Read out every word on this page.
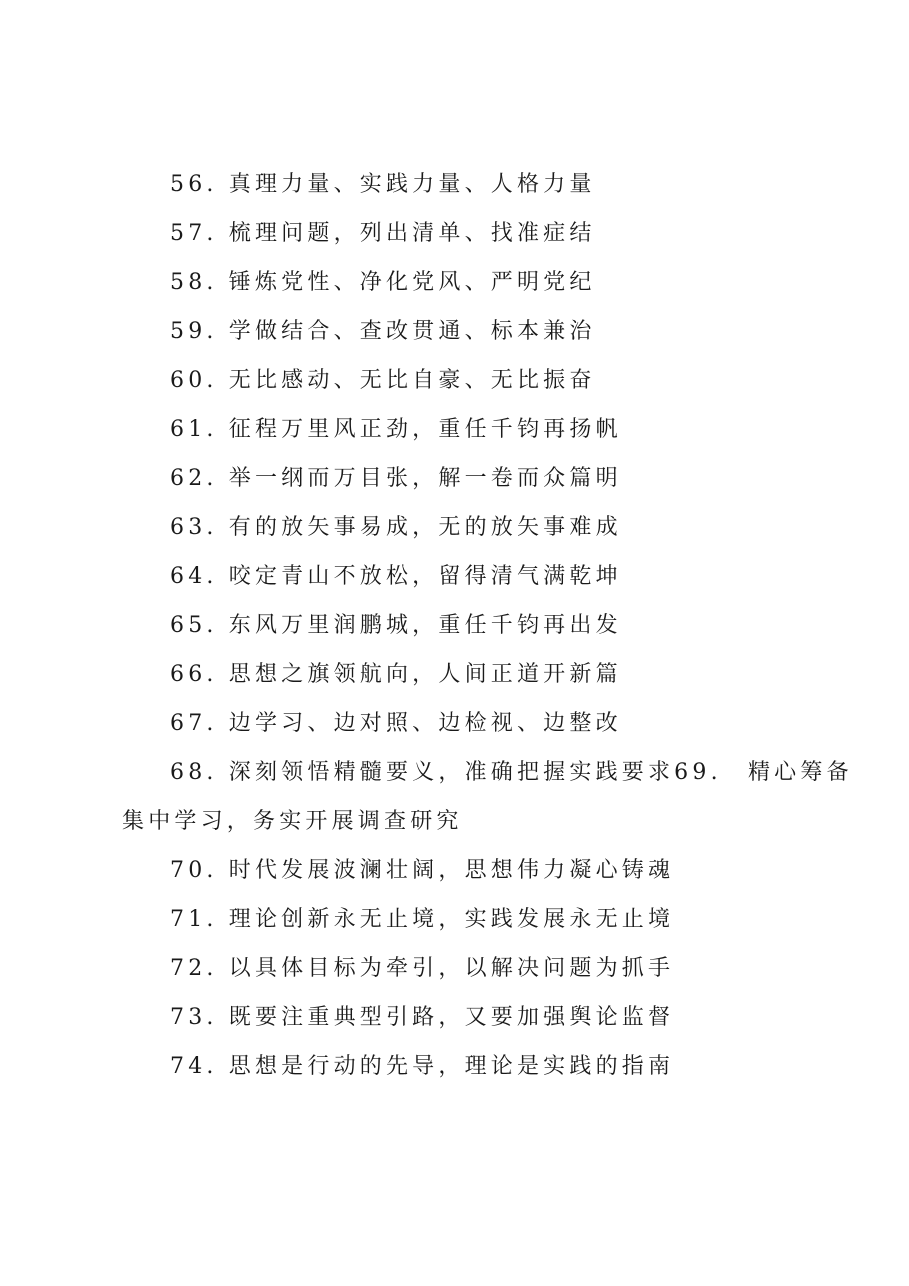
56. 真理力量、实践力量、人格力量
57. 梳理问题，列出清单、找准症结
58. 锤炼党性、净化党风、严明党纪
59. 学做结合、查改贯通、标本兼治
60. 无比感动、无比自豪、无比振奋
61. 征程万里风正劲，重任千钧再扬帆
62. 举一纲而万目张，解一卷而众篇明
63. 有的放矢事易成，无的放矢事难成
64. 咬定青山不放松，留得清气满乾坤
65. 东风万里润鹏城，重任千钧再出发
66. 思想之旗领航向，人间正道开新篇
67. 边学习、边对照、边检视、边整改
68. 深刻领悟精髓要义，准确把握实践要求69.　精心筹备
集中学习，务实开展调查研究
70. 时代发展波澜壮阔，思想伟力凝心铸魂
71. 理论创新永无止境，实践发展永无止境
72. 以具体目标为牵引，以解决问题为抓手
73. 既要注重典型引路，又要加强舆论监督
74. 思想是行动的先导，理论是实践的指南
